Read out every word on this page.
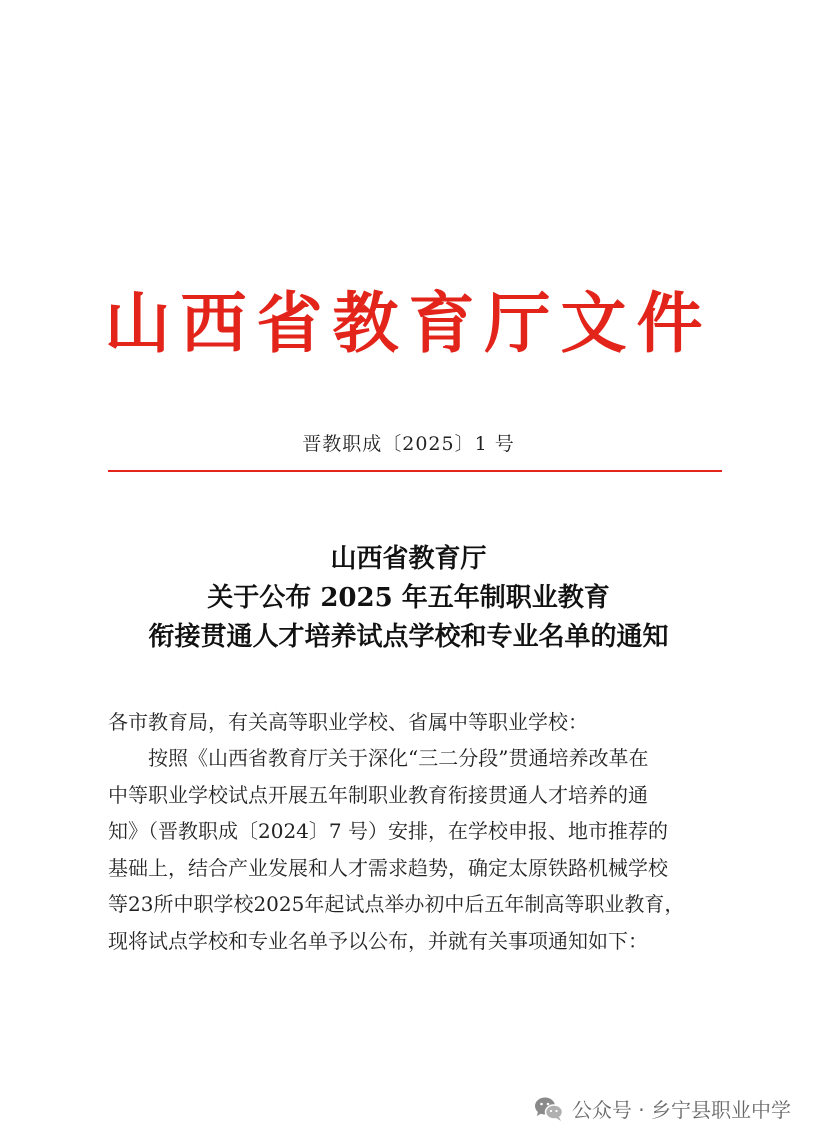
山西省教育厅文件
晋教职成〔2025〕1 号
山西省教育厅
关于公布 2025 年五年制职业教育
衔接贯通人才培养试点学校和专业名单的通知

各市教育局，有关高等职业学校、省属中等职业学校：

按照《山西省教育厅关于深化“三二分段”贯通培养改革在

中等职业学校试点开展五年制职业教育衔接贯通人才培养的通

知》（晋教职成〔2024〕7 号）安排，在学校申报、地市推荐的

基础上，结合产业发展和人才需求趋势，确定太原铁路机械学校

等23所中职学校2025年起试点举办初中后五年制高等职业教育，

现将试点学校和专业名单予以公布，并就有关事项通知如下：

公众号 · 乡宁县职业中学
